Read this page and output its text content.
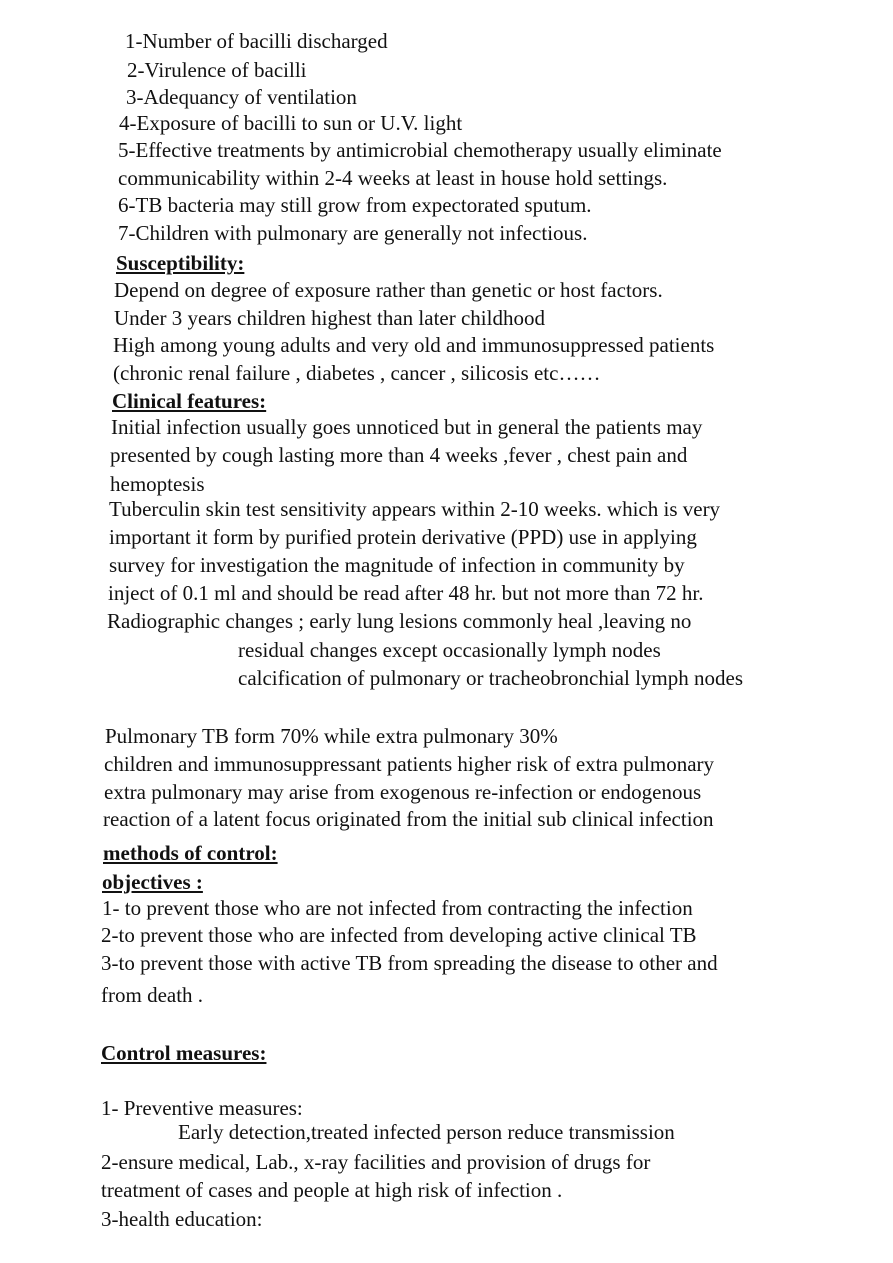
1-Number of bacilli discharged
2-Virulence of bacilli
3-Adequancy of ventilation
4-Exposure of bacilli to sun or U.V. light
5-Effective treatments by antimicrobial chemotherapy usually eliminate
communicability within 2-4 weeks at least in house hold settings.
6-TB bacteria may still grow from expectorated sputum.
7-Children with pulmonary are generally not infectious.
Susceptibility:
Depend on degree of exposure rather than genetic or host factors.
Under 3 years children highest than later childhood
High among young adults and very old and immunosuppressed patients
(chronic renal failure , diabetes , cancer , silicosis etc……
Clinical features:
Initial infection usually goes unnoticed but in general the patients may
presented by cough lasting more than 4 weeks ,fever , chest pain and
hemoptesis
Tuberculin skin test sensitivity appears within 2-10 weeks. which is very
important it form by purified protein derivative (PPD) use in applying
survey for investigation the magnitude of infection in community by
inject of 0.1 ml and should be read after 48 hr. but not more than 72 hr.
Radiographic changes ; early lung lesions commonly heal ,leaving no
residual changes except occasionally lymph nodes
calcification of pulmonary or tracheobronchial lymph nodes
Pulmonary TB form 70% while extra pulmonary 30%
children and immunosuppressant patients higher risk of extra pulmonary
extra pulmonary may arise from exogenous re-infection or endogenous
reaction of a latent focus originated from the initial sub clinical infection
methods of control:
objectives :
1- to prevent those who are not infected from contracting the infection
2-to prevent those who are infected from developing active clinical TB
3-to prevent those with active TB from spreading the disease to other and
from death .
Control measures:
1- Preventive measures:
Early detection,treated infected person reduce transmission
2-ensure medical, Lab., x-ray facilities and provision of drugs for
treatment of cases and people at high risk of infection .
3-health education:
